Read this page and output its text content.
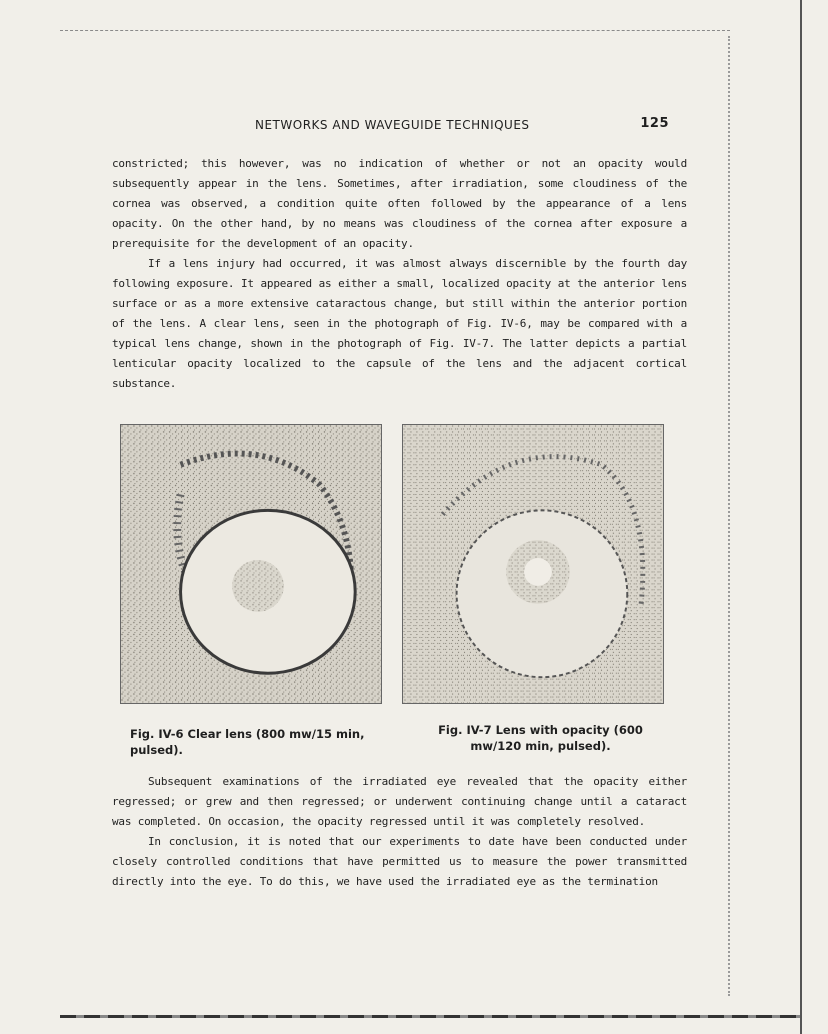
NETWORKS AND WAVEGUIDE TECHNIQUES	125

constricted; this however, was no indication of whether or not an opacity would subsequently appear in the lens. Sometimes, after irradiation, some cloudiness of the cornea was observed, a condition quite often followed by the appearance of a lens opacity. On the other hand, by no means was cloudiness of the cornea after exposure a prerequisite for the development of an opacity.

If a lens injury had occurred, it was almost always discernible by the fourth day following exposure. It appeared as either a small, localized opacity at the anterior lens surface or as a more extensive cataractous change, but still within the anterior portion of the lens. A clear lens, seen in the photograph of Fig. IV-6, may be compared with a typical lens change, shown in the photograph of Fig. IV-7. The latter depicts a partial lenticular opacity localized to the capsule of the lens and the adjacent cortical substance.

Fig. IV-6 Clear lens (800 mw/15 min, pulsed).
Fig. IV-7 Lens with opacity (600 mw/120 min, pulsed).

Subsequent examinations of the irradiated eye revealed that the opacity either regressed; or grew and then regressed; or underwent continuing change until a cataract was completed. On occasion, the opacity regressed until it was completely resolved.

In conclusion, it is noted that our experiments to date have been conducted under closely controlled conditions that have permitted us to measure the power transmitted directly into the eye. To do this, we have used the irradiated eye as the termination
